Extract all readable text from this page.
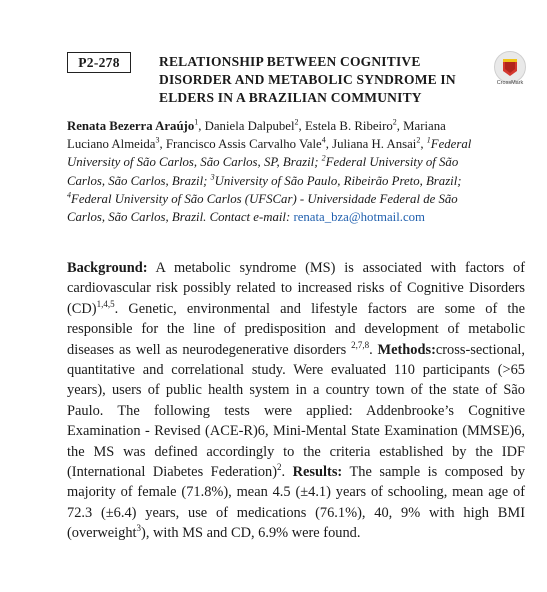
P2-278	RELATIONSHIP BETWEEN COGNITIVE DISORDER AND METABOLIC SYNDROME IN ELDERS IN A BRAZILIAN COMMUNITY
CrossMark
Renata Bezerra Araújo$^1$, Daniela Dalpubel$^2$, Estela B. Ribeiro$^2$, Mariana Luciano Almeida$^3$, Francisco Assis Carvalho Vale$^4$, Juliana H. Ansai$^2$, $^1$Federal University of São Carlos, São Carlos, SP, Brazil; $^2$Federal University of São Carlos, São Carlos, Brazil; $^3$University of São Paulo, Ribeirão Preto, Brazil; $^4$Federal University of São Carlos (UFSCar) - Universidade Federal de São Carlos, São Carlos, Brazil. Contact e-mail: renata_bza@hotmail.com
Background: A metabolic syndrome (MS) is associated with factors of cardiovascular risk possibly related to increased risks of Cognitive Disorders (CD)$^{1,4,5}$. Genetic, environmental and lifestyle factors are some of the responsible for the line of predisposition and development of metabolic diseases as well as neurodegenerative disorders $^{2,7,8}$. Methods:cross-sectional, quantitative and correlational study. Were evaluated 110 participants (>65 years), users of public health system in a country town of the state of São Paulo. The following tests were applied: Addenbrooke’s Cognitive Examination - Revised (ACE-R)6, Mini-Mental State Examination (MMSE)6, the MS was defined accordingly to the criteria established by the IDF (International Diabetes Federation)$^2$. Results: The sample is composed by majority of female (71.8%), mean 4.5 (±4.1) years of schooling, mean age of 72.3 (±6.4) years, use of medications (76.1%), 40, 9% with high BMI (overweight$^3$), with MS and CD, 6.9% were found.
